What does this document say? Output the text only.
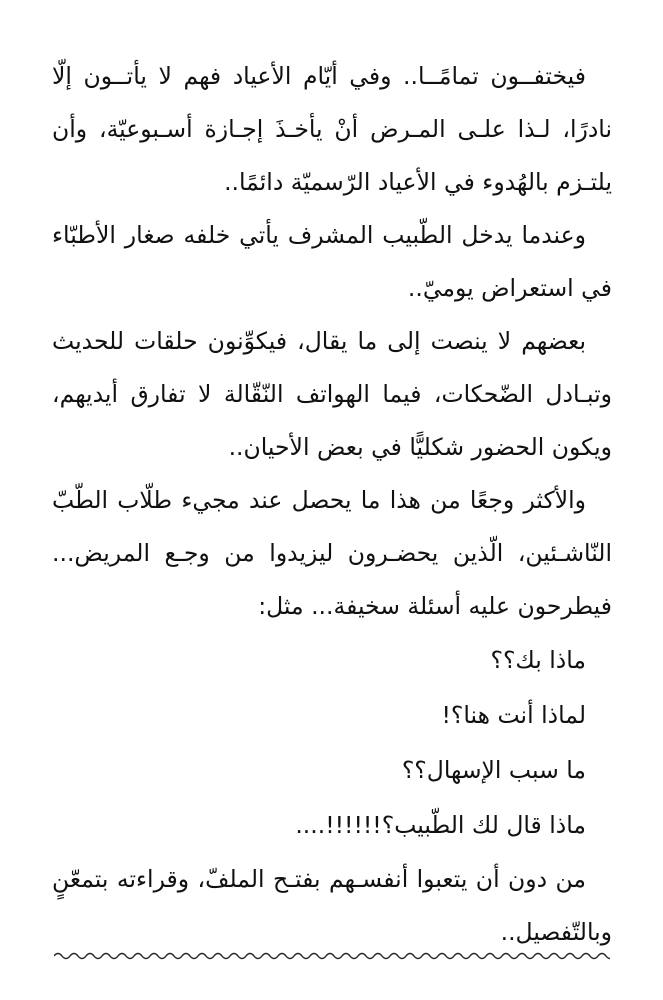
فيختفــون تمامًــا.. وفي أيّام الأعياد فهم لا يأتــون إلّا نادرًا، لـذا علـى المـرض أنْ يأخـذَ إجـازة أسـبوعيّة، وأن يلتـزم بالهُدوء في الأعياد الرّسميّة دائمًا..

وعندما يدخل الطّبيب المشرف يأتي خلفه صغار الأطبّاء في استعراض يوميّ..

بعضهم لا ينصت إلى ما يقال، فيكوِّنون حلقات للحديث وتبـادل الضّحكات، فيما الهواتف النّقّالة لا تفارق أيديهم، ويكون الحضور شكليًّا في بعض الأحيان..

والأكثر وجعًا من هذا ما يحصل عند مجيء طلّاب الطّبّ النّاشـئين، الّذين يحضـرون ليزيدوا من وجـع المريض... فيطرحون عليه أسئلة سخيفة... مثل:

ماذا بك؟؟

لماذا أنت هنا؟!

ما سبب الإسهال؟؟

ماذا قال لك الطّبيب؟!!!!!!....

من دون أن يتعبوا أنفسـهم بفتـح الملفّ، وقراءته بتمعّنٍ وبالتّفصيل..
